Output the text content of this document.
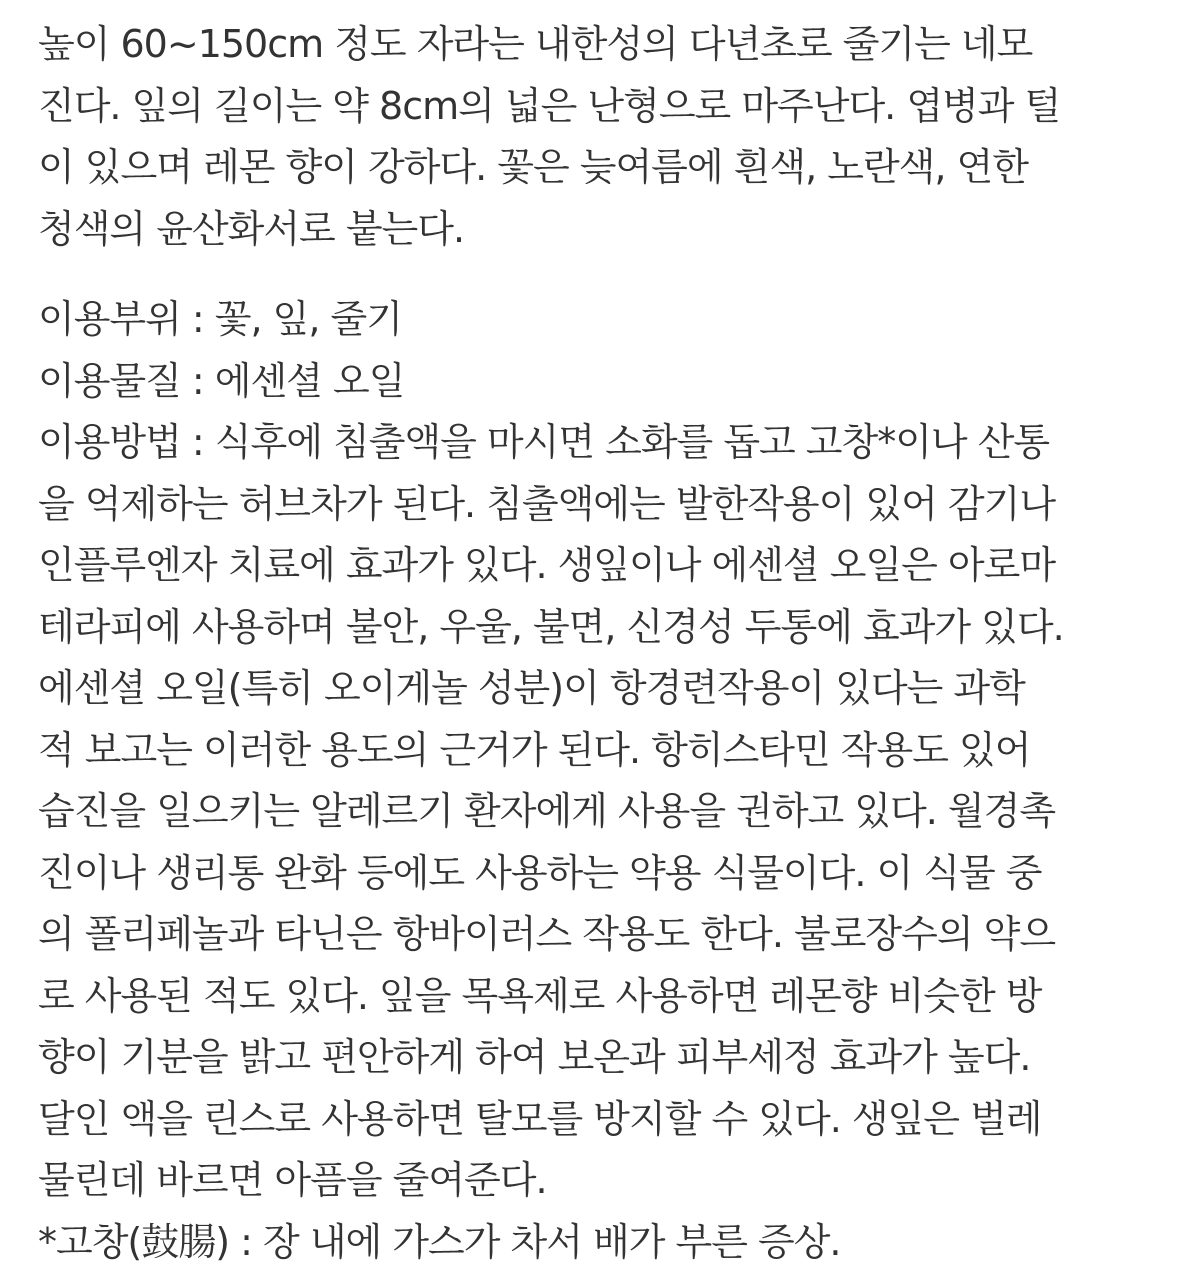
높이 60~150cm 정도 자라는 내한성의 다년초로 줄기는 네모
진다. 잎의 길이는 약 8cm의 넓은 난형으로 마주난다. 엽병과 털
이 있으며 레몬 향이 강하다. 꽃은 늦여름에 흰색, 노란색, 연한
청색의 윤산화서로 붙는다.
이용부위 : 꽃, 잎, 줄기
이용물질 : 에센셜 오일
이용방법 : 식후에 침출액을 마시면 소화를 돕고 고창*이나 산통
을 억제하는 허브차가 된다. 침출액에는 발한작용이 있어 감기나
인플루엔자 치료에 효과가 있다. 생잎이나 에센셜 오일은 아로마
테라피에 사용하며 불안, 우울, 불면, 신경성 두통에 효과가 있다.
에센셜 오일(특히 오이게놀 성분)이 항경련작용이 있다는 과학
적 보고는 이러한 용도의 근거가 된다. 항히스타민 작용도 있어
습진을 일으키는 알레르기 환자에게 사용을 권하고 있다. 월경촉
진이나 생리통 완화 등에도 사용하는 약용 식물이다. 이 식물 중
의 폴리페놀과 타닌은 항바이러스 작용도 한다. 불로장수의 약으
로 사용된 적도 있다. 잎을 목욕제로 사용하면 레몬향 비슷한 방
향이 기분을 밝고 편안하게 하여 보온과 피부세정 효과가 높다.
달인 액을 린스로 사용하면 탈모를 방지할 수 있다. 생잎은 벌레
물린데 바르면 아픔을 줄여준다.
*고창(鼓腸) : 장 내에 가스가 차서 배가 부른 증상.
